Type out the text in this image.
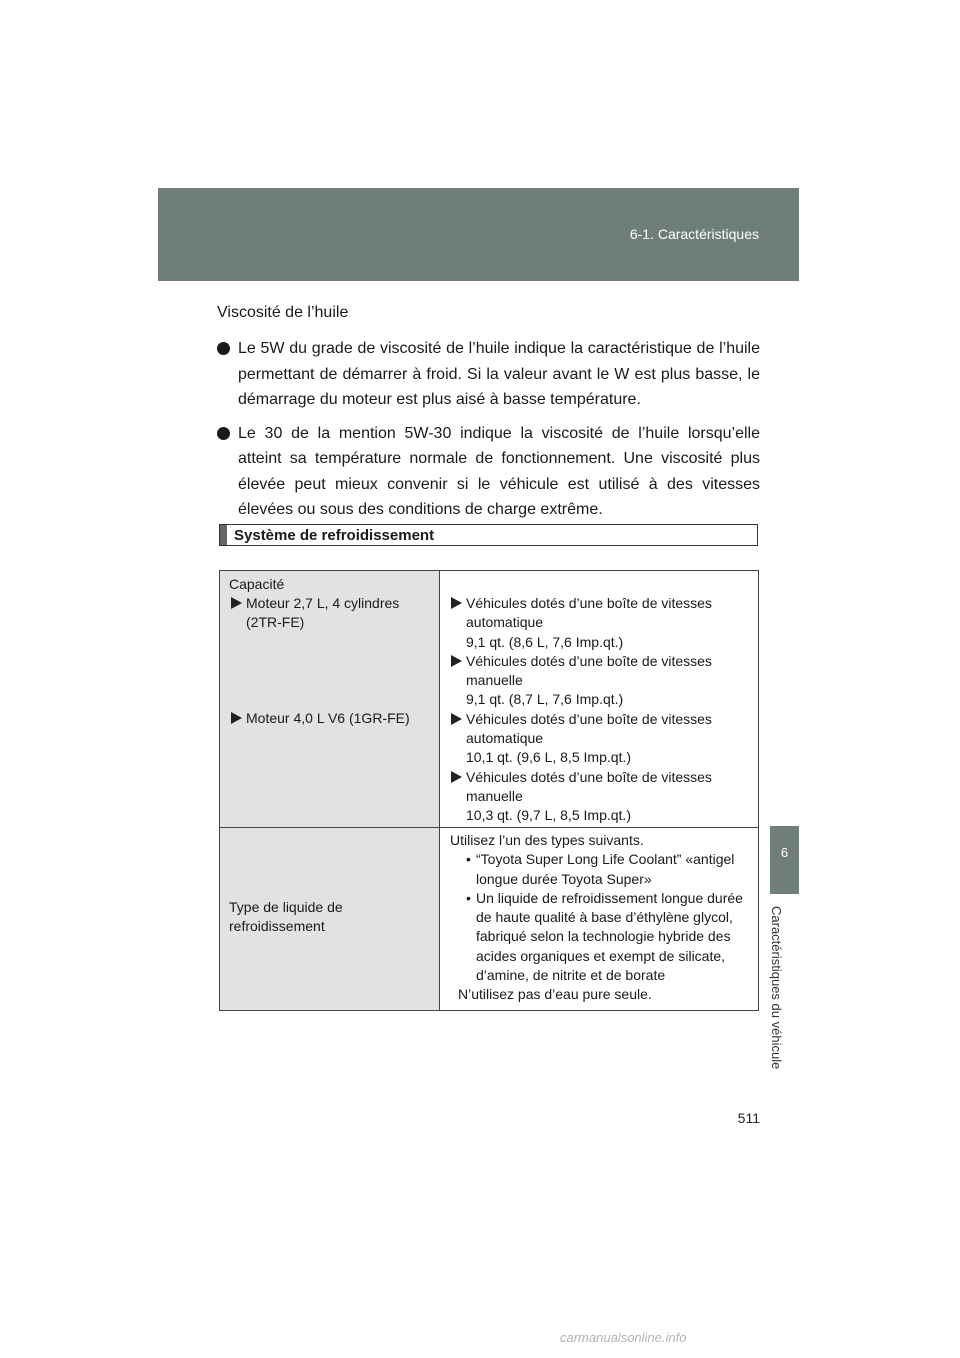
6-1. Caractéristiques
6
Caractéristiques du véhicule
Viscosité de l’huile
Le 5W du grade de viscosité de l’huile indique la caractéristique de l’huile permettant de démarrer à froid. Si la valeur avant le W est plus basse, le démarrage du moteur est plus aisé à basse température.
Le 30 de la mention 5W-30 indique la viscosité de l’huile lorsqu’elle atteint sa température normale de fonctionnement. Une viscosité plus élevée peut mieux convenir si le véhicule est utilisé à des vitesses élevées ou sous des conditions de charge extrême.
Système de refroidissement
Capacité
Moteur 2,7 L, 4 cylindres (2TR-FE)
Moteur 4,0 L V6 (1GR-FE)
Véhicules dotés d’une boîte de vitesses automatique
9,1 qt. (8,6 L, 7,6 Imp.qt.)
Véhicules dotés d’une boîte de vitesses manuelle
9,1 qt. (8,7 L, 7,6 Imp.qt.)
Véhicules dotés d’une boîte de vitesses automatique
10,1 qt. (9,6 L, 8,5 Imp.qt.)
Véhicules dotés d’une boîte de vitesses manuelle
10,3 qt. (9,7 L, 8,5 Imp.qt.)
Type de liquide de refroidissement
Utilisez l’un des types suivants.
• “Toyota Super Long Life Coolant” «antigel longue durée Toyota Super»
• Un liquide de refroidissement longue durée de haute qualité à base d’éthylène glycol, fabriqué selon la technologie hybride des acides organiques et exempt de silicate, d’amine, de nitrite et de borate
N’utilisez pas d’eau pure seule.
511
carmanualsonline.info
